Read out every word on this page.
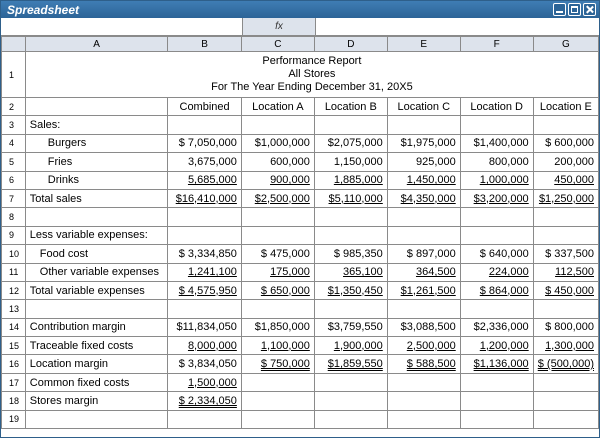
Spreadsheet
fx
	A	B	C	D	E	F	G
1	Performance Report
All Stores
For The Year Ending December 31, 20X5						

2		Combined	Location A	Location B	Location C	Location D	Location E
3	Sales:						
4	Burgers	$ 7,050,000	$1,000,000	$2,075,000	$1,975,000	$1,400,000	$ 600,000
5	Fries	3,675,000	600,000	1,150,000	925,000	800,000	200,000
6	Drinks	5,685,000	900,000	1,885,000	1,450,000	1,000,000	450,000
7	Total sales	$16,410,000	$2,500,000	$5,110,000	$4,350,000	$3,200,000	$1,250,000
8							
9	Less variable expenses:						
10	Food cost	$ 3,334,850	$ 475,000	$ 985,350	$ 897,000	$ 640,000	$ 337,500
11	Other variable expenses	1,241,100	175,000	365,100	364,500	224,000	112,500
12	Total variable expenses	$ 4,575,950	$ 650,000	$1,350,450	$1,261,500	$ 864,000	$ 450,000
13							
14	Contribution margin	$11,834,050	$1,850,000	$3,759,550	$3,088,500	$2,336,000	$ 800,000
15	Traceable fixed costs	8,000,000	1,100,000	1,900,000	2,500,000	1,200,000	1,300,000
16	Location margin	$ 3,834,050	$ 750,000	$1,859,550	$ 588,500	$1,136,000	$ (500,000)
17	Common fixed costs	1,500,000					
18	Stores margin	$ 2,334,050					
19							
